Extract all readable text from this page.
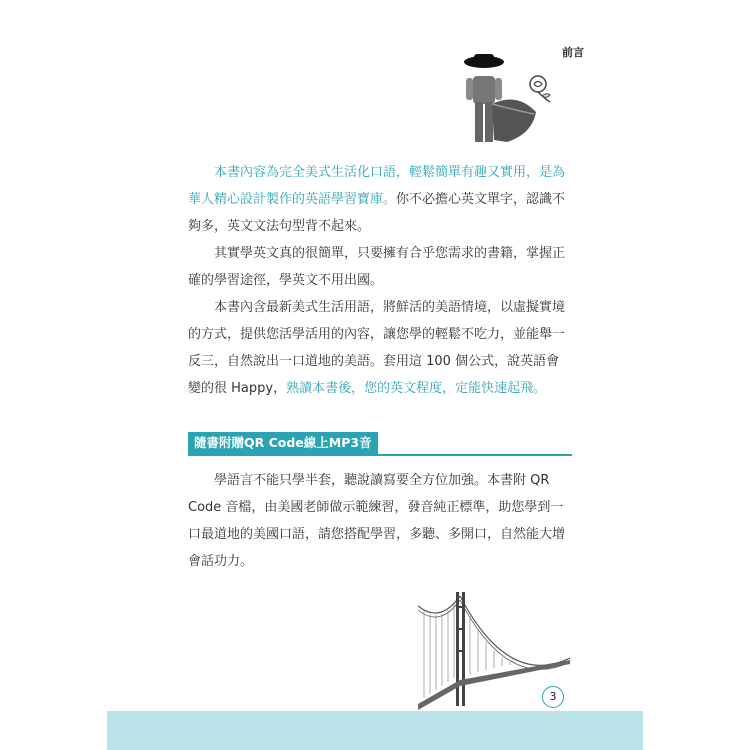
前言

本書內容為完全美式生活化口語，輕鬆簡單有趣又實用，是為華人精心設計製作的英語學習寶庫。你不必擔心英文單字，認識不夠多，英文文法句型背不起來。

其實學英文真的很簡單，只要擁有合乎您需求的書籍，掌握正確的學習途徑，學英文不用出國。

本書內含最新美式生活用語，將鮮活的美語情境，以虛擬實境的方式，提供您活學活用的內容，讓您學的輕鬆不吃力，並能舉一反三，自然說出一口道地的美語。套用這 100 個公式，說英語會變的很 Happy，熟讀本書後，您的英文程度，定能快速起飛。

隨書附贈QR Code線上MP3音檔

學語言不能只學半套，聽說讀寫要全方位加強。本書附 QR Code 音檔，由美國老師做示範練習，發音純正標準，助您學到一口最道地的美國口語，請您搭配學習，多聽、多開口，自然能大增會話功力。

3
